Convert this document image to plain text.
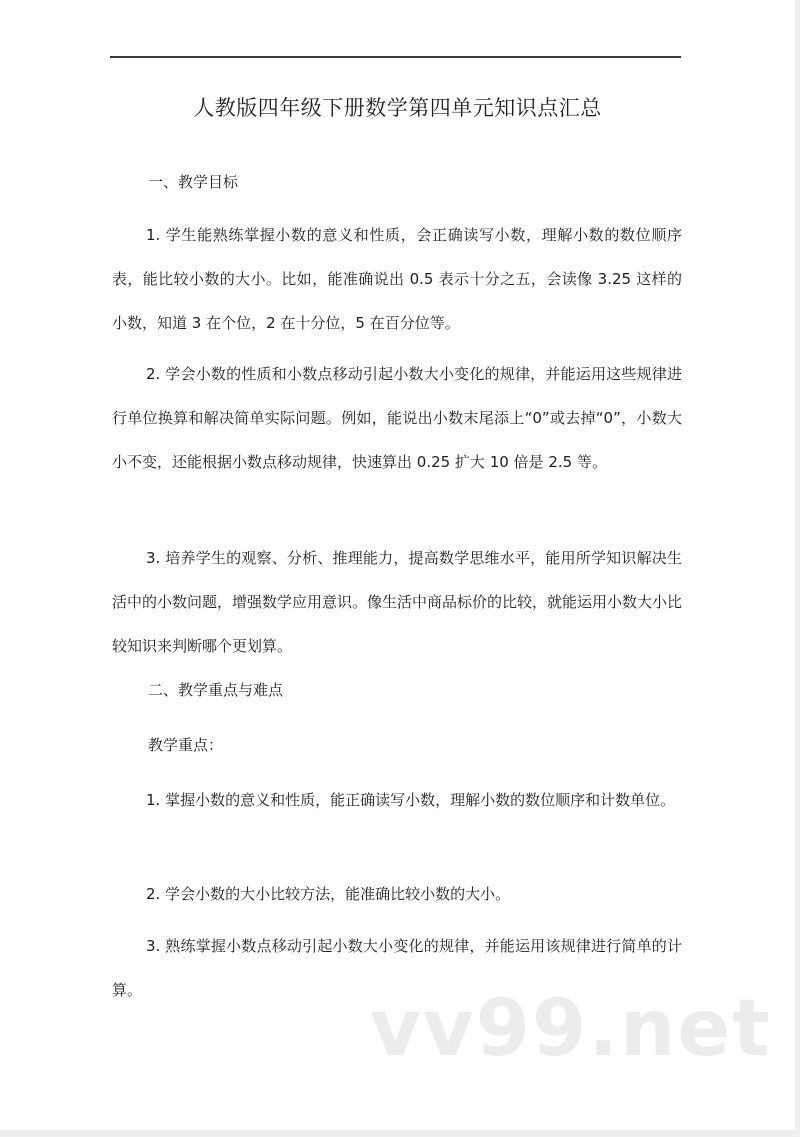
人教版四年级下册数学第四单元知识点汇总
一、教学目标
1. 学生能熟练掌握小数的意义和性质，会正确读写小数，理解小数的数位顺序表，能比较小数的大小。比如，能准确说出 0.5 表示十分之五，会读像 3.25 这样的小数，知道 3 在个位，2 在十分位，5 在百分位等。
2. 学会小数的性质和小数点移动引起小数大小变化的规律，并能运用这些规律进行单位换算和解决简单实际问题。例如，能说出小数末尾添上“0”或去掉“0”，小数大小不变，还能根据小数点移动规律，快速算出 0.25 扩大 10 倍是 2.5 等。
3. 培养学生的观察、分析、推理能力，提高数学思维水平，能用所学知识解决生活中的小数问题，增强数学应用意识。像生活中商品标价的比较，就能运用小数大小比较知识来判断哪个更划算。
二、教学重点与难点
教学重点：
1. 掌握小数的意义和性质，能正确读写小数，理解小数的数位顺序和计数单位。
2. 学会小数的大小比较方法，能准确比较小数的大小。
3. 熟练掌握小数点移动引起小数大小变化的规律，并能运用该规律进行简单的计算。	vv99.net
